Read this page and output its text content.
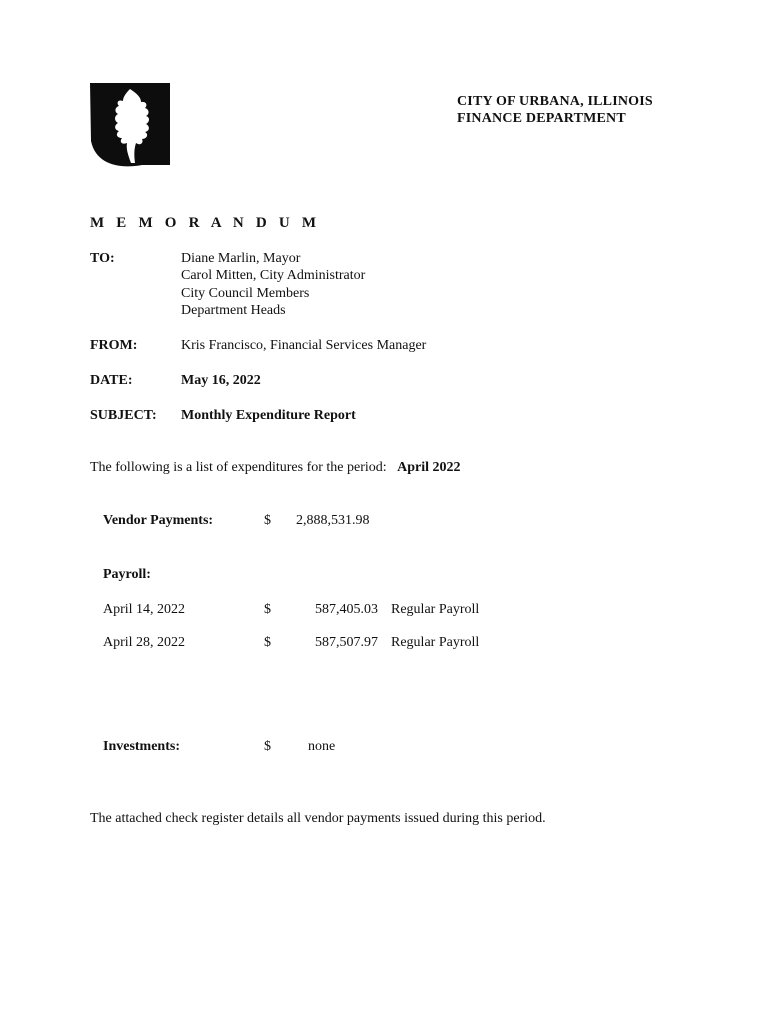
CITY OF URBANA, ILLINOIS
FINANCE DEPARTMENT
M E M O R A N D U M
TO:	Diane Marlin, Mayor
Carol Mitten, City Administrator
City Council Members
Department Heads
FROM:	Kris Francisco, Financial Services Manager
DATE:	May 16, 2022
SUBJECT: Monthly Expenditure Report
The following is a list of expenditures for the period: April 2022
Vendor Payments:	$ 2,888,531.98
Payroll:
April 14, 2022	$	587,405.03 Regular Payroll
April 28, 2022	$	587,507.97 Regular Payroll
Investments:	$	none
The attached check register details all vendor payments issued during this period.
